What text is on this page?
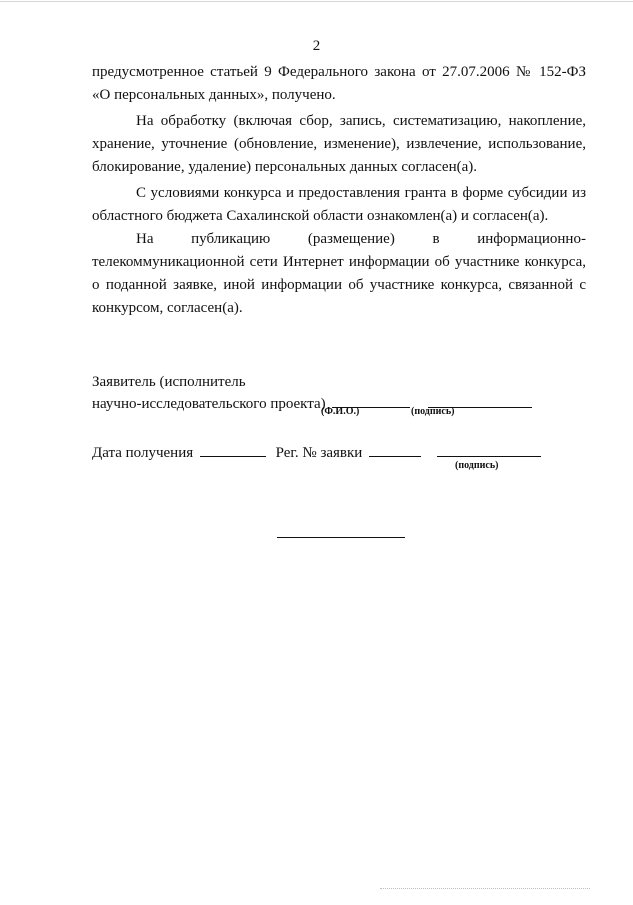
2

предусмотренное статьей 9 Федерального закона от 27.07.2006 № 152-ФЗ

«О персональных данных», получено.

На обработку (включая сбор, запись, систематизацию, накопление, хранение, уточнение (обновление, изменение), извлечение, использование, блокирование, удаление) персональных данных согласен(а).

С условиями конкурса и предоставления гранта в форме субсидии из областного бюджета Сахалинской области ознакомлен(а) и согласен(а).

На	публикацию	(размещение)	в	информационно-

телекоммуникационной сети Интернет информации об участнике конкурса, о поданной заявке, иной информации об участнике конкурса, связанной с конкурсом, согласен(а).

Заявитель (исполнитель
научно-исследовательского проекта)
(Ф.И.О.)	(подпись)
Дата получения	Рег. № заявки
(подпись)
